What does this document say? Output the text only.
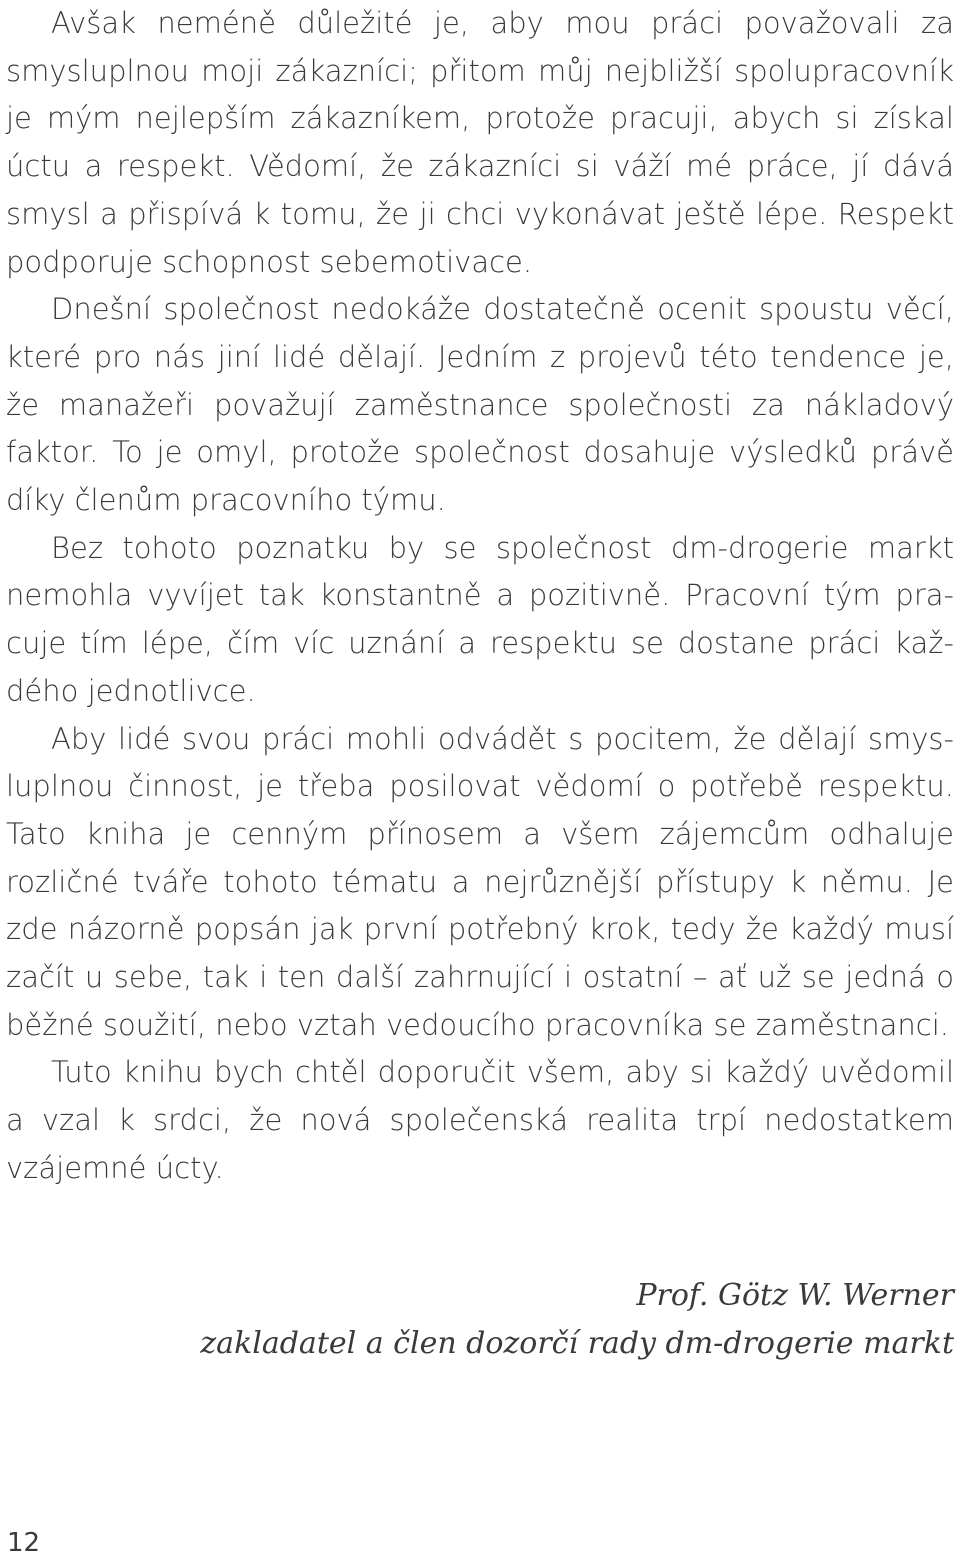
Avšak neméně důležité je, aby mou práci považovali za smysluplnou moji zákazníci; přitom můj nejbližší spolupracovník je mým nejlepším zákazníkem, protože pracuji, abych si získal úctu a respekt. Vědomí, že zákazníci si váží mé práce, jí dává smysl a přispívá k tomu, že ji chci vykonávat ještě lépe. Respekt podporuje schopnost sebemotivace.

Dnešní společnost nedokáže dostatečně ocenit spoustu věcí, které pro nás jiní lidé dělají. Jedním z projevů této tendence je, že manažeři považují zaměstnance společnosti za nákladový faktor. To je omyl, protože společnost dosahuje výsledků právě díky členům pracovního týmu.

Bez tohoto poznatku by se společnost dm-drogerie markt nemohla vyvíjet tak konstantně a pozitivně. Pracovní tým pracuje tím lépe, čím víc uznání a respektu se dostane práci každého jednotlivce.

Aby lidé svou práci mohli odvádět s pocitem, že dělají smysluplnou činnost, je třeba posilovat vědomí o potřebě respektu. Tato kniha je cenným přínosem a všem zájemcům odhaluje rozličné tváře tohoto tématu a nejrůznější přístupy k němu. Je zde názorně popsán jak první potřebný krok, tedy že každý musí začít u sebe, tak i ten další zahrnující i ostatní – ať už se jedná o běžné soužití, nebo vztah vedoucího pracovníka se zaměstnanci.

Tuto knihu bych chtěl doporučit všem, aby si každý uvědomil a vzal k srdci, že nová společenská realita trpí nedostatkem vzájemné úcty.

Prof. Götz W. Werner
zakladatel a člen dozorčí rady dm-drogerie markt
12
